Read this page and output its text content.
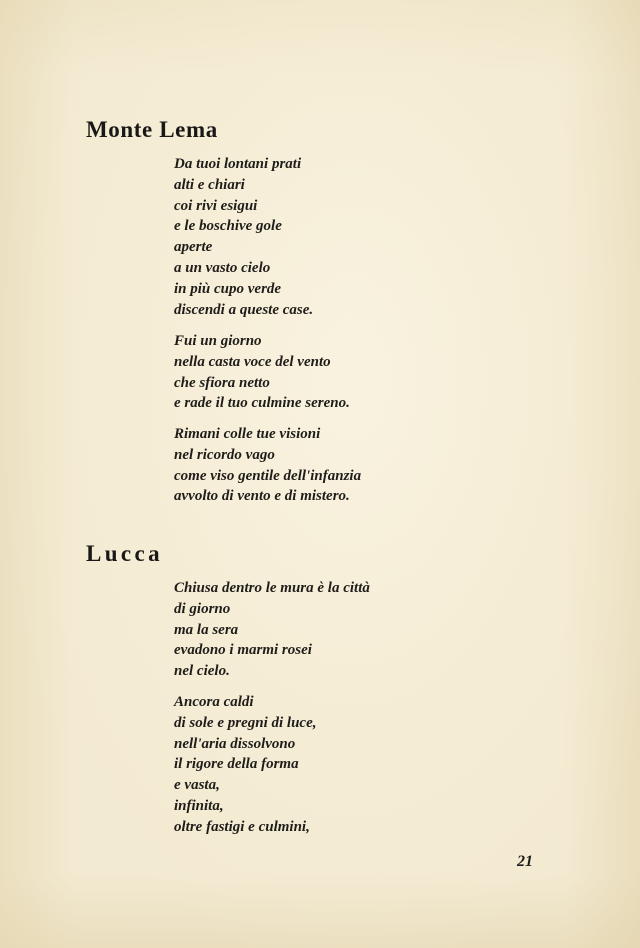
Monte Lema
Da tuoi lontani prati
alti e chiari
coi rivi esigui
e le boschive gole
aperte
a un vasto cielo
in più cupo verde
discendi a queste case.
Fui un giorno
nella casta voce del vento
che sfiora netto
e rade il tuo culmine sereno.
Rimani colle tue visioni
nel ricordo vago
come viso gentile dell'infanzia
avvolto di vento e di mistero.
Lucca
Chiusa dentro le mura è la città
di giorno
ma la sera
evadono i marmi rosei
nel cielo.
Ancora caldi
di sole e pregni di luce,
nell'aria dissolvono
il rigore della forma
e vasta,
infinita,
oltre fastigi e culmini,
21
